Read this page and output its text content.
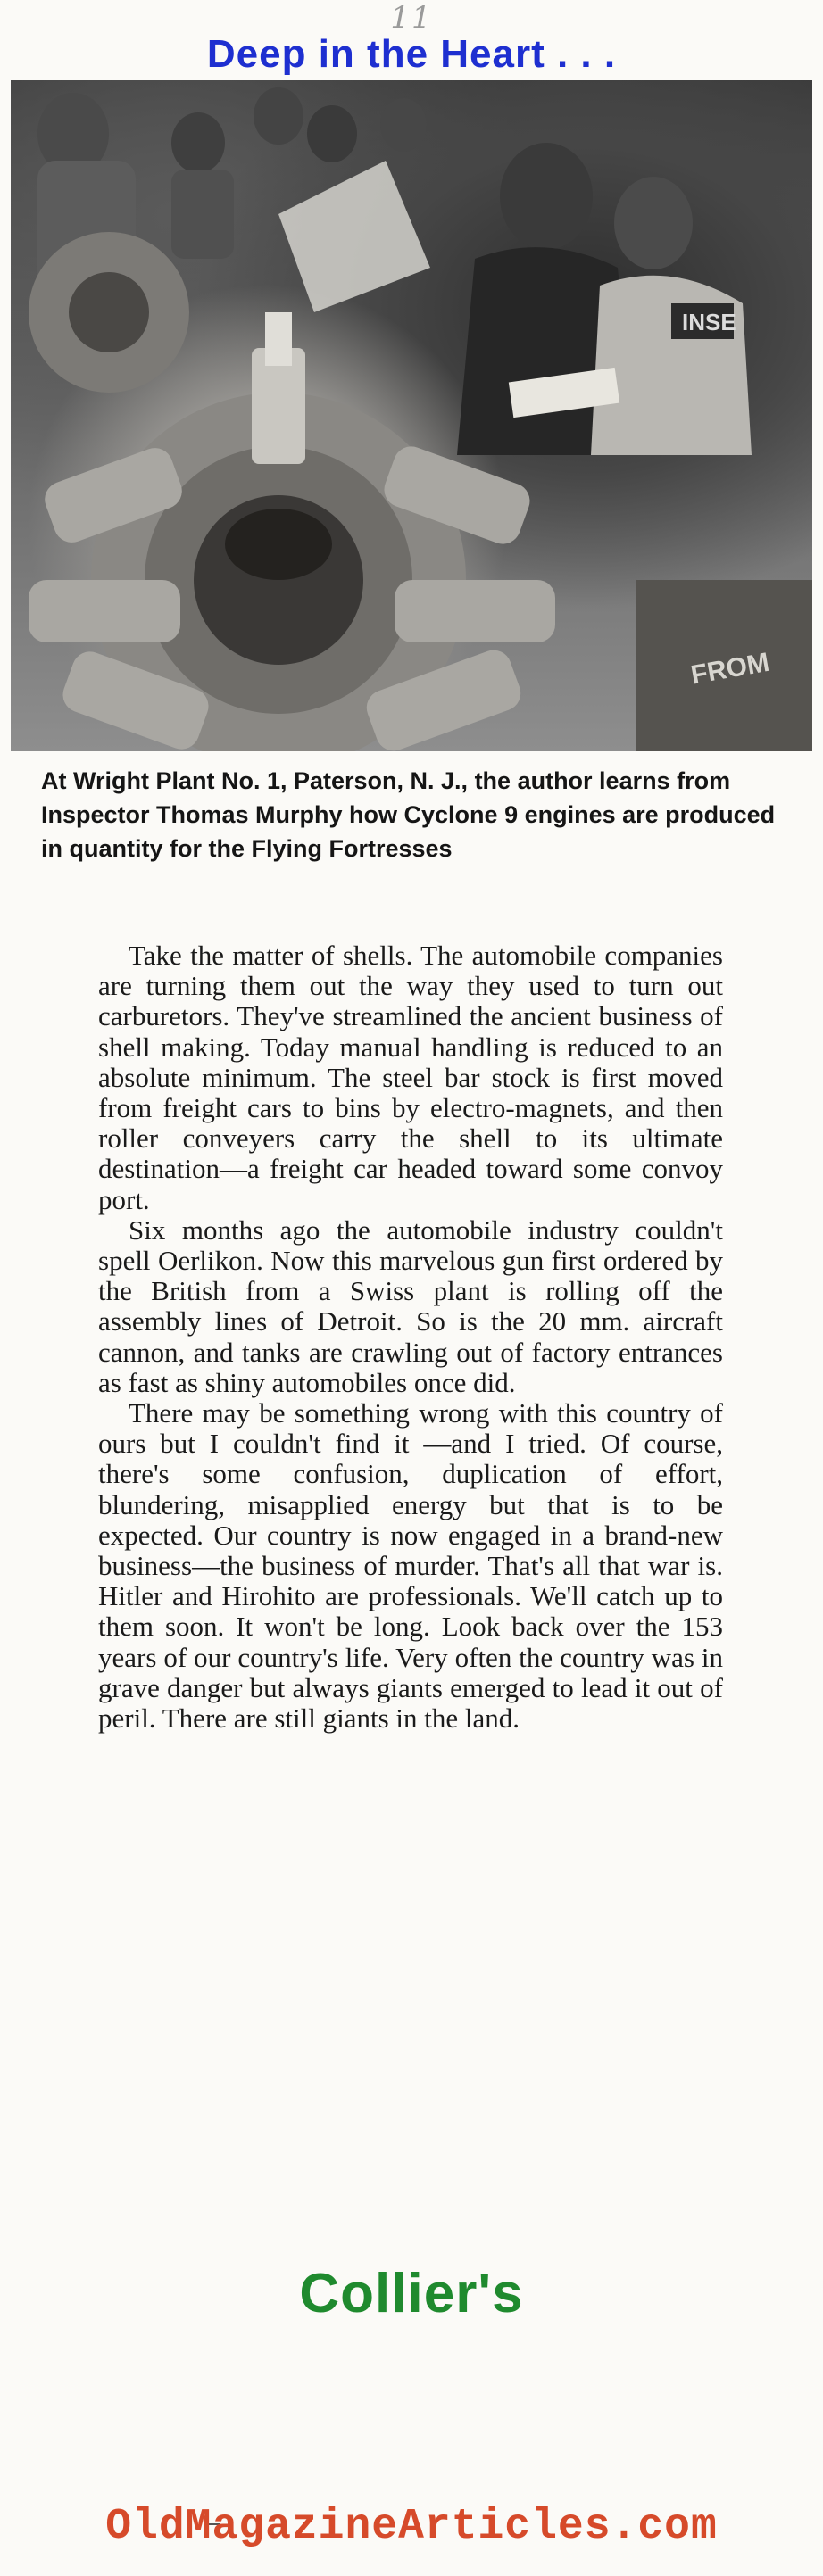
11
Deep in the Heart . . .
INSE
FROM
At Wright Plant No. 1, Paterson, N. J., the author learns from Inspector Thomas Murphy how Cyclone 9 engines are produced in quantity for the Flying Fortresses

Take the matter of shells. The automobile companies are turning them out the way they used to turn out carburetors. They've streamlined the ancient business of shell making. Today manual handling is reduced to an absolute minimum. The steel bar stock is first moved from freight cars to bins by electro-magnets, and then roller conveyers carry the shell to its ultimate destination—a freight car headed toward some convoy port.

Six months ago the automobile industry couldn't spell Oerlikon. Now this marvelous gun first ordered by the British from a Swiss plant is rolling off the assembly lines of Detroit. So is the 20 mm. aircraft cannon, and tanks are crawling out of factory entrances as fast as shiny automobiles once did.

There may be something wrong with this country of ours but I couldn't find it —and I tried. Of course, there's some confusion, duplication of effort, blundering, misapplied energy but that is to be expected. Our country is now engaged in a brand-new business—the business of murder. That's all that war is. Hitler and Hirohito are professionals. We'll catch up to them soon. It won't be long. Look back over the 153 years of our country's life. Very often the country was in grave danger but always giants emerged to lead it out of peril. There are still giants in the land.

Collier's
OldMagazineArticles.com
